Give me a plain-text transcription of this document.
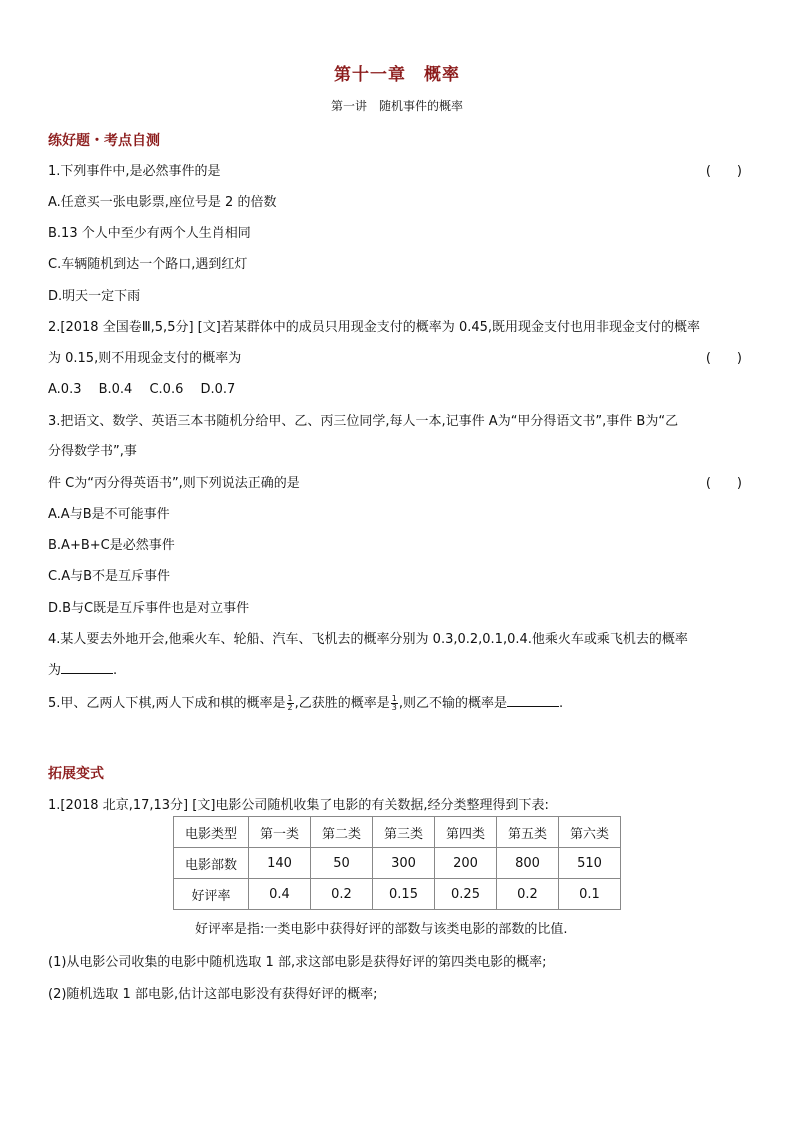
第十一章　概率
第一讲　随机事件的概率
练好题・考点自测
1.下列事件中,是必然事件的是	(　　)
A.任意买一张电影票,座位号是 2 的倍数
B.13 个人中至少有两个人生肖相同
C.车辆随机到达一个路口,遇到红灯
D.明天一定下雨
2.[2018 全国卷Ⅲ,5,5分] [文]若某群体中的成员只用现金支付的概率为 0.45,既用现金支付也用非现金支付的概率
为 0.15,则不用现金支付的概率为	(　　)
A.0.3　 B.0.4　 C.0.6　 D.0.7
3.把语文、数学、英语三本书随机分给甲、乙、丙三位同学,每人一本,记事件 A为“甲分得语文书”,事件 B为“乙
分得数学书”,事
件 C为“丙分得英语书”,则下列说法正确的是	(　　)
A.A与B是不可能事件
B.A+B+C是必然事件
C.A与B不是互斥事件
D.B与C既是互斥事件也是对立事件
4.某人要去外地开会,他乘火车、轮船、汽车、飞机去的概率分别为 0.3,0.2,0.1,0.4.他乘火车或乘飞机去的概率
为	.
5.甲、乙两人下棋,两人下成和棋的概率是 $\frac{1}{2}$ ,乙获胜的概率是 $\frac{1}{3}$ ,则乙不输的概率是	.
拓展变式
1.[2018 北京,17,13分] [文]电影公司随机收集了电影的有关数据,经分类整理得到下表:
电影类型	第一类	第二类	第三类	第四类	第五类	第六类
电影部数	140	50	300	200	800	510
好评率	0.4	0.2	0.15	0.25	0.2	0.1
好评率是指:一类电影中获得好评的部数与该类电影的部数的比值.
(1)从电影公司收集的电影中随机选取 1 部,求这部电影是获得好评的第四类电影的概率;
(2)随机选取 1 部电影,估计这部电影没有获得好评的概率;
